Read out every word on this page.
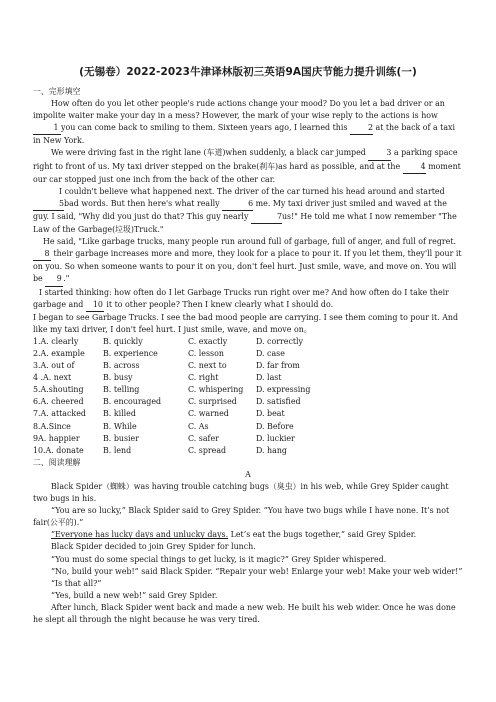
(无锡卷）2022-2023牛津译林版初三英语9A国庆节能力提升训练(一)

一、完形填空

How often do you let other people's rude actions change your mood? Do you let a bad driver or an impolite waiter make your day in a mess? However, the mark of your wise reply to the actions is how
1 you can come back to smiling to them. Sixteen years ago, I learned this	2 at the back of a taxi in New York.

We were driving fast in the right lane (车道)when suddenly, a black car jumped	3 a parking space right to front of us. My taxi driver stepped on the brake(刹车)as hard as possible, and at the	4 moment our car stopped just one inch from the back of the other car.

I couldn't believe what happened next. The driver of the car turned his head around and started 5bad words. But then here's what really	6 me. My taxi driver just smiled and waved at the guy. I said, "Why did you just do that? This guy nearly	7us!" He told me what I now remember "The Law of the Garbage(垃圾)Truck."

He said, "Like garbage trucks, many people run around full of garbage, full of anger, and full of regret. 8 their garbage increases more and more, they look for a place to pour it. If you let them, they'll pour it on you. So when someone wants to pour it on you, don't feel hurt. Just smile, wave, and move on. You will be 9."

I started thinking: how often do I let Garbage Trucks run right over me? And how often do I take their garbage and 10 it to other people? Then I knew clearly what I should do.

I began to see Garbage Trucks. I see the bad mood people are carrying. I see them coming to pour it. And like my taxi driver, I don't feel hurt. I just smile, wave, and move on。

1.A. clearly	B. quickly	C. exactly	D. correctly
2.A. example	B. experience	C. lesson	D. case
3.A. out of	B. across	C. next to	D. far from
4 .A. next	B. busy	C. right	D. last
5.A.shouting	B. telling	C. whispering	D. expressing
6.A. cheered	B. encouraged	C. surprised	D. satisfied
7.A. attacked	B. killed	C. warned	D. beat
8.A.Since	B. While	C. As	D. Before
9A. happier	B. busier	C. safer	D. luckier
10.A. donate	B. lend	C. spread	D. hang

二、阅读理解

A

Black Spider（蜘蛛）was having trouble catching bugs（臭虫）in his web, while Grey Spider caught two bugs in his.

“You are so lucky,” Black Spider said to Grey Spider. “You have two bugs while I have none. It’s not fair(公平的).”

”Everyone has lucky days and unlucky days. Let’s eat the bugs together,” said Grey Spider.

Black Spider decided to join Grey Spider for lunch.

“You must do some special things to get lucky, is it magic?” Grey Spider whispered.

“No, build your web!” said Black Spider. “Repair your web! Enlarge your web! Make your web wider!”

“Is that all?”

“Yes, build a new web!” said Grey Spider.

After lunch, Black Spider went back and made a new web. He built his web wider. Once he was done he slept all through the night because he was very tired.
